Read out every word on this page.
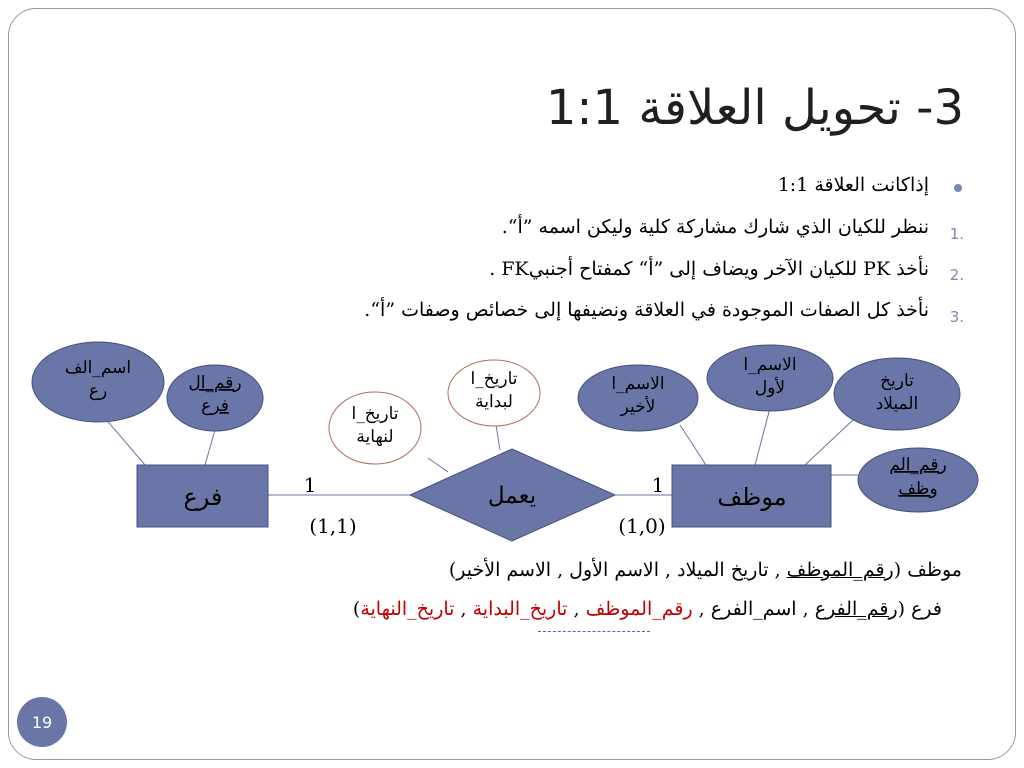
3- تحويل العلاقة 1:1
إذاكانت العلاقة 1:1
1.
ننظر للكيان الذي شارك مشاركة كلية وليكن اسمه ”أ“.
2.
نأخذ PK للكيان الآخر ويضاف إلى ”أ“ كمفتاح أجنبيFK .
3.
نأخذ كل الصفات الموجودة في العلاقة ونضيفها إلى خصائص وصفات ”أ“.
فرع	موظف
يعمل
1	1
(1,1)	(1,0)
اسم_الف
رع	رقم_ال
فرع	تاريخ_ا
لنهاية
تاريخ_ا
لبداية
الاسم_ا
لأخير
الاسم_ا
لأول	تاريخ
الميلاد
رقم_الم
وظف
موظف (رقم_الموظف , تاريخ الميلاد , الاسم الأول , الاسم الأخير)
فرع (رقم_الفرع , اسم_الفرع , رقم_الموظف , تاريخ_البداية , تاريخ_النهاية)
19
